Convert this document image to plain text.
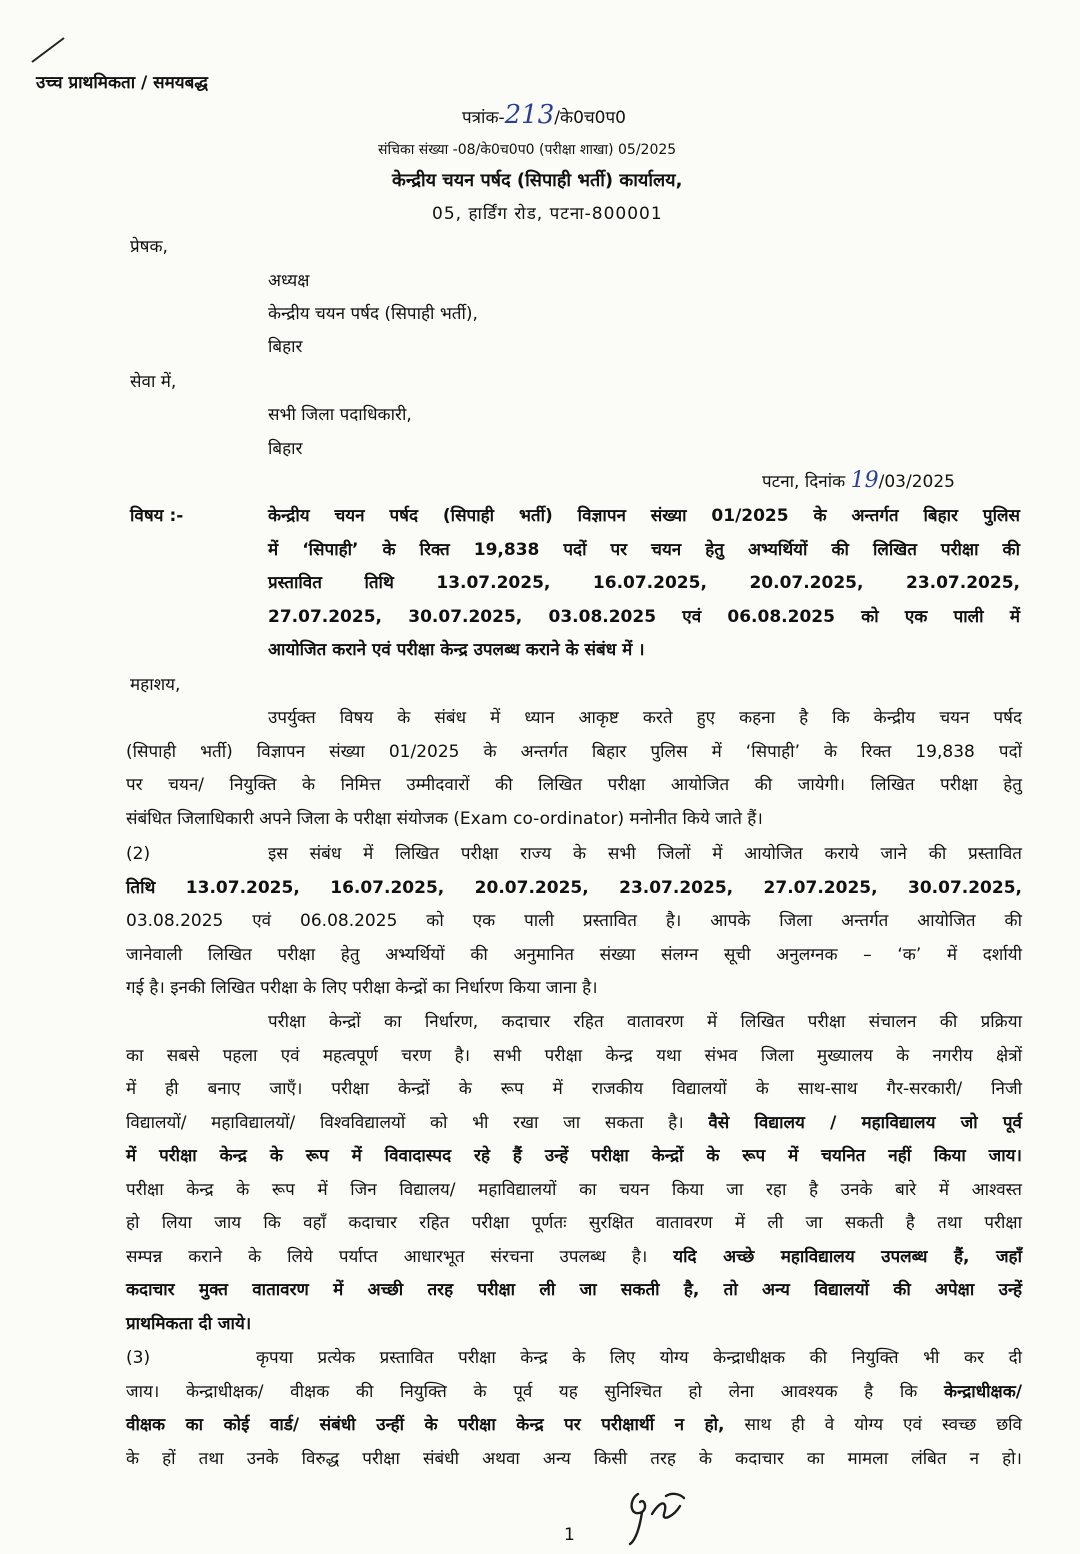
उच्च प्राथमिकता / समयबद्ध
पत्रांक-213/के0च0प0
संचिका संख्या -08/के0च0प0 (परीक्षा शाखा) 05/2025
केन्द्रीय चयन पर्षद (सिपाही भर्ती) कार्यालय,
05, हार्डिंग रोड, पटना-800001
प्रेषक,
अध्यक्ष
केन्द्रीय चयन पर्षद (सिपाही भर्ती),
बिहार
सेवा में,
सभी जिला पदाधिकारी,
बिहार
पटना, दिनांक 19/03/2025
विषय :-	केन्द्रीय चयन पर्षद (सिपाही भर्ती) विज्ञापन संख्या 01/2025 के अन्तर्गत बिहार पुलिस
में ‘सिपाही’ के रिक्त 19,838 पदों पर चयन हेतु अभ्यर्थियों की लिखित परीक्षा की
प्रस्तावित तिथि 13.07.2025, 16.07.2025, 20.07.2025, 23.07.2025,
27.07.2025, 30.07.2025, 03.08.2025 एवं 06.08.2025 को एक पाली में
आयोजित कराने एवं परीक्षा केन्द्र उपलब्ध कराने के संबंध में ।
महाशय,
उपर्युक्त विषय के संबंध में ध्यान आकृष्ट करते हुए कहना है कि केन्द्रीय चयन पर्षद
(सिपाही भर्ती) विज्ञापन संख्या 01/2025 के अन्तर्गत बिहार पुलिस में ‘सिपाही’ के रिक्त 19,838 पदों
पर चयन/ नियुक्ति के निमित्त उम्मीदवारों की लिखित परीक्षा आयोजित की जायेगी। लिखित परीक्षा हेतु
संबंधित जिलाधिकारी अपने जिला के परीक्षा संयोजक (Exam co-ordinator) मनोनीत किये जाते हैं।
(2)	इस संबंध में लिखित परीक्षा राज्य के सभी जिलों में आयोजित कराये जाने की प्रस्तावित
तिथि 13.07.2025, 16.07.2025, 20.07.2025, 23.07.2025, 27.07.2025, 30.07.2025,
03.08.2025 एवं 06.08.2025 को एक पाली प्रस्तावित है। आपके जिला अन्तर्गत आयोजित की
जानेवाली लिखित परीक्षा हेतु अभ्यर्थियों की अनुमानित संख्या संलग्न सूची अनुलग्नक – ‘क’ में दर्शायी
गई है। इनकी लिखित परीक्षा के लिए परीक्षा केन्द्रों का निर्धारण किया जाना है।
परीक्षा केन्द्रों का निर्धारण, कदाचार रहित वातावरण में लिखित परीक्षा संचालन की प्रक्रिया
का सबसे पहला एवं महत्वपूर्ण चरण है। सभी परीक्षा केन्द्र यथा संभव जिला मुख्यालय के नगरीय क्षेत्रों
में ही बनाए जाएँ। परीक्षा केन्द्रों के रूप में राजकीय विद्यालयों के साथ-साथ गैर-सरकारी/ निजी
विद्यालयों/ महाविद्यालयों/ विश्वविद्यालयों को भी रखा जा सकता है। वैसे विद्यालय / महाविद्यालय जो पूर्व
में परीक्षा केन्द्र के रूप में विवादास्पद रहे हैं उन्हें परीक्षा केन्द्रों के रूप में चयनित नहीं किया जाय।
परीक्षा केन्द्र के रूप में जिन विद्यालय/ महाविद्यालयों का चयन किया जा रहा है उनके बारे में आश्वस्त
हो लिया जाय कि वहाँ कदाचार रहित परीक्षा पूर्णतः सुरक्षित वातावरण में ली जा सकती है तथा परीक्षा
सम्पन्न कराने के लिये पर्याप्त आधारभूत संरचना उपलब्ध है। यदि अच्छे महाविद्यालय उपलब्ध हैं, जहाँ
कदाचार मुक्त वातावरण में अच्छी तरह परीक्षा ली जा सकती है, तो अन्य विद्यालयों की अपेक्षा उन्हें
प्राथमिकता दी जाये।
(3)	कृपया प्रत्येक प्रस्तावित परीक्षा केन्द्र के लिए योग्य केन्द्राधीक्षक की नियुक्ति भी कर दी
जाय। केन्द्राधीक्षक/ वीक्षक की नियुक्ति के पूर्व यह सुनिश्चित हो लेना आवश्यक है कि केन्द्राधीक्षक/
वीक्षक का कोई वार्ड/ संबंधी उन्हीं के परीक्षा केन्द्र पर परीक्षार्थी न हो, साथ ही वे योग्य एवं स्वच्छ छवि
के हों तथा उनके विरुद्ध परीक्षा संबंधी अथवा अन्य किसी तरह के कदाचार का मामला लंबित न हो।
1
